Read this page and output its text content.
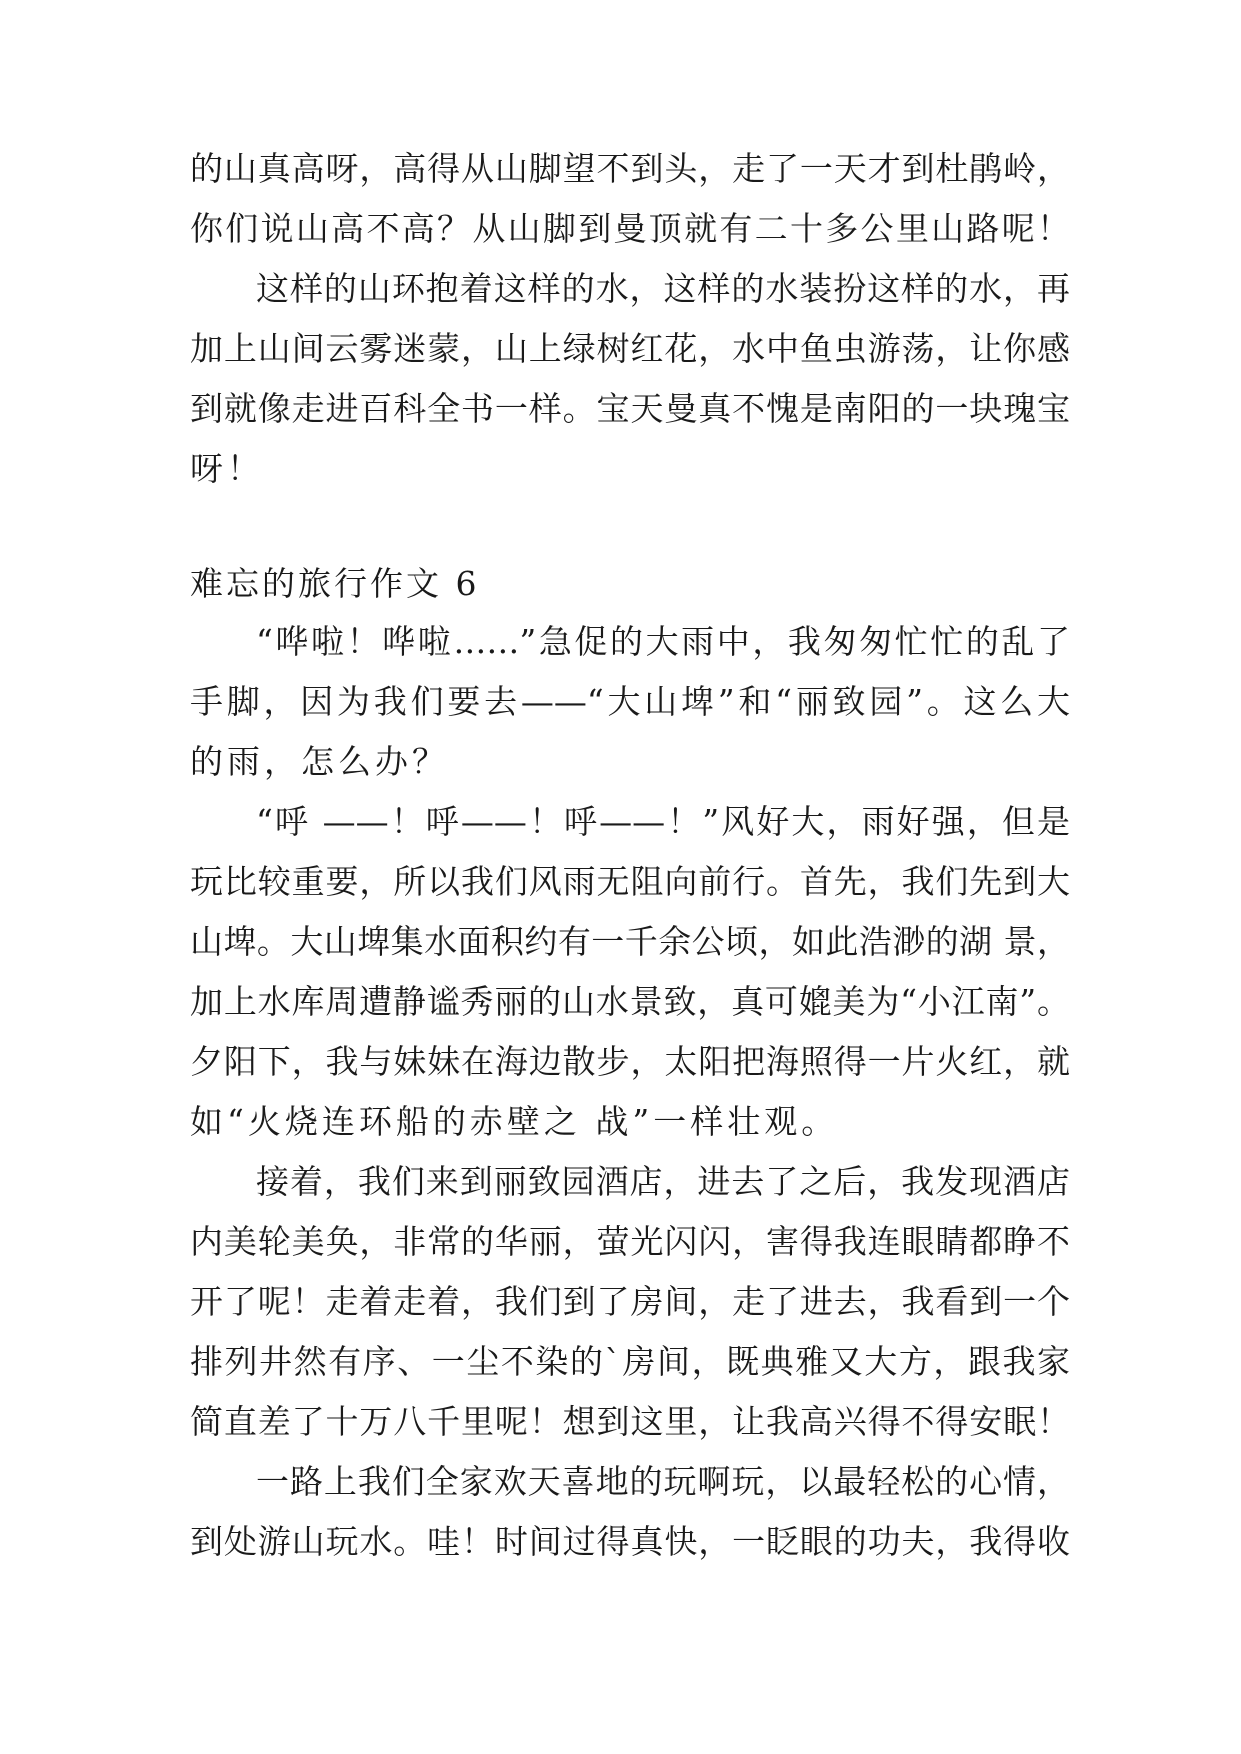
的山真高呀，高得从山脚望不到头，走了一天才到杜鹃岭，
你们说山高不高？从山脚到曼顶就有二十多公里山路呢！
这样的山环抱着这样的水，这样的水装扮这样的水，再
加上山间云雾迷蒙，山上绿树红花，水中鱼虫游荡，让你感
到就像走进百科全书一样。宝天曼真不愧是南阳的一块瑰宝
呀！
难忘的旅行作文 6
“哗啦！哗啦……”急促的大雨中，我匆匆忙忙的乱了
手脚，因为我们要去——“大山埤”和“丽致园”。这么大
的雨，怎么办？
“呼 ——！呼——！呼——！”风好大，雨好强，但是
玩比较重要，所以我们风雨无阻向前行。首先，我们先到大
山埤。大山埤集水面积约有一千余公顷，如此浩渺的湖 景，
加上水库周遭静谧秀丽的山水景致，真可媲美为“小江南”。
夕阳下，我与妹妹在海边散步，太阳把海照得一片火红，就
如“火烧连环船的赤壁之 战”一样壮观。
接着，我们来到丽致园酒店，进去了之后，我发现酒店
内美轮美奂，非常的华丽，萤光闪闪，害得我连眼睛都睁不
开了呢！走着走着，我们到了房间，走了进去，我看到一个
排列井然有序、一尘不染的`房间，既典雅又大方，跟我家
简直差了十万八千里呢！想到这里，让我高兴得不得安眠！
一路上我们全家欢天喜地的玩啊玩，以最轻松的心情，
到处游山玩水。哇！时间过得真快，一眨眼的功夫，我得收
